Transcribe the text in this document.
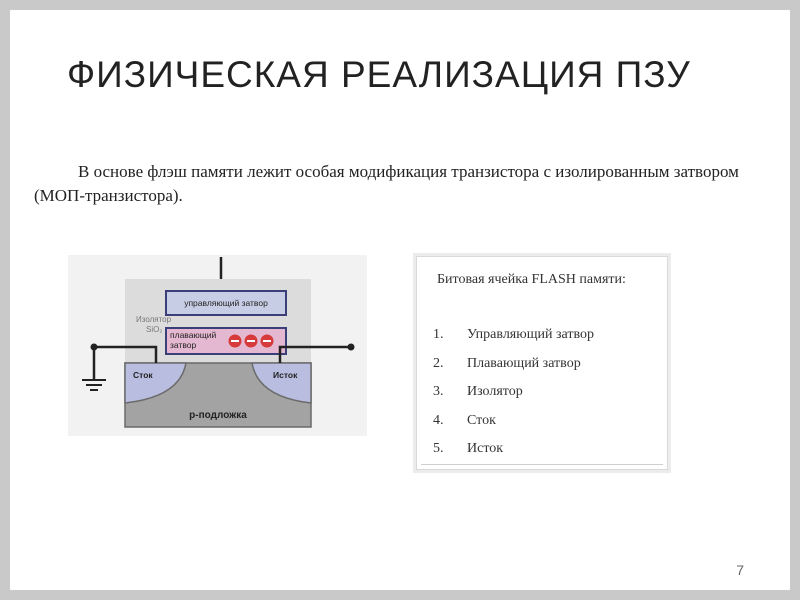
ФИЗИЧЕСКАЯ РЕАЛИЗАЦИЯ ПЗУ
В основе флэш памяти лежит особая модификация транзистора с изолированным затвором (МОП-транзистора).
управляющий затвор
плавающий
затвор
Изолятор
SiO₂
Сток	Исток
p-подложка
Битовая ячейка FLASH памяти:
1.	Управляющий затвор
2.	Плавающий затвор
3.	Изолятор
4.	Сток
5.	Исток
7
